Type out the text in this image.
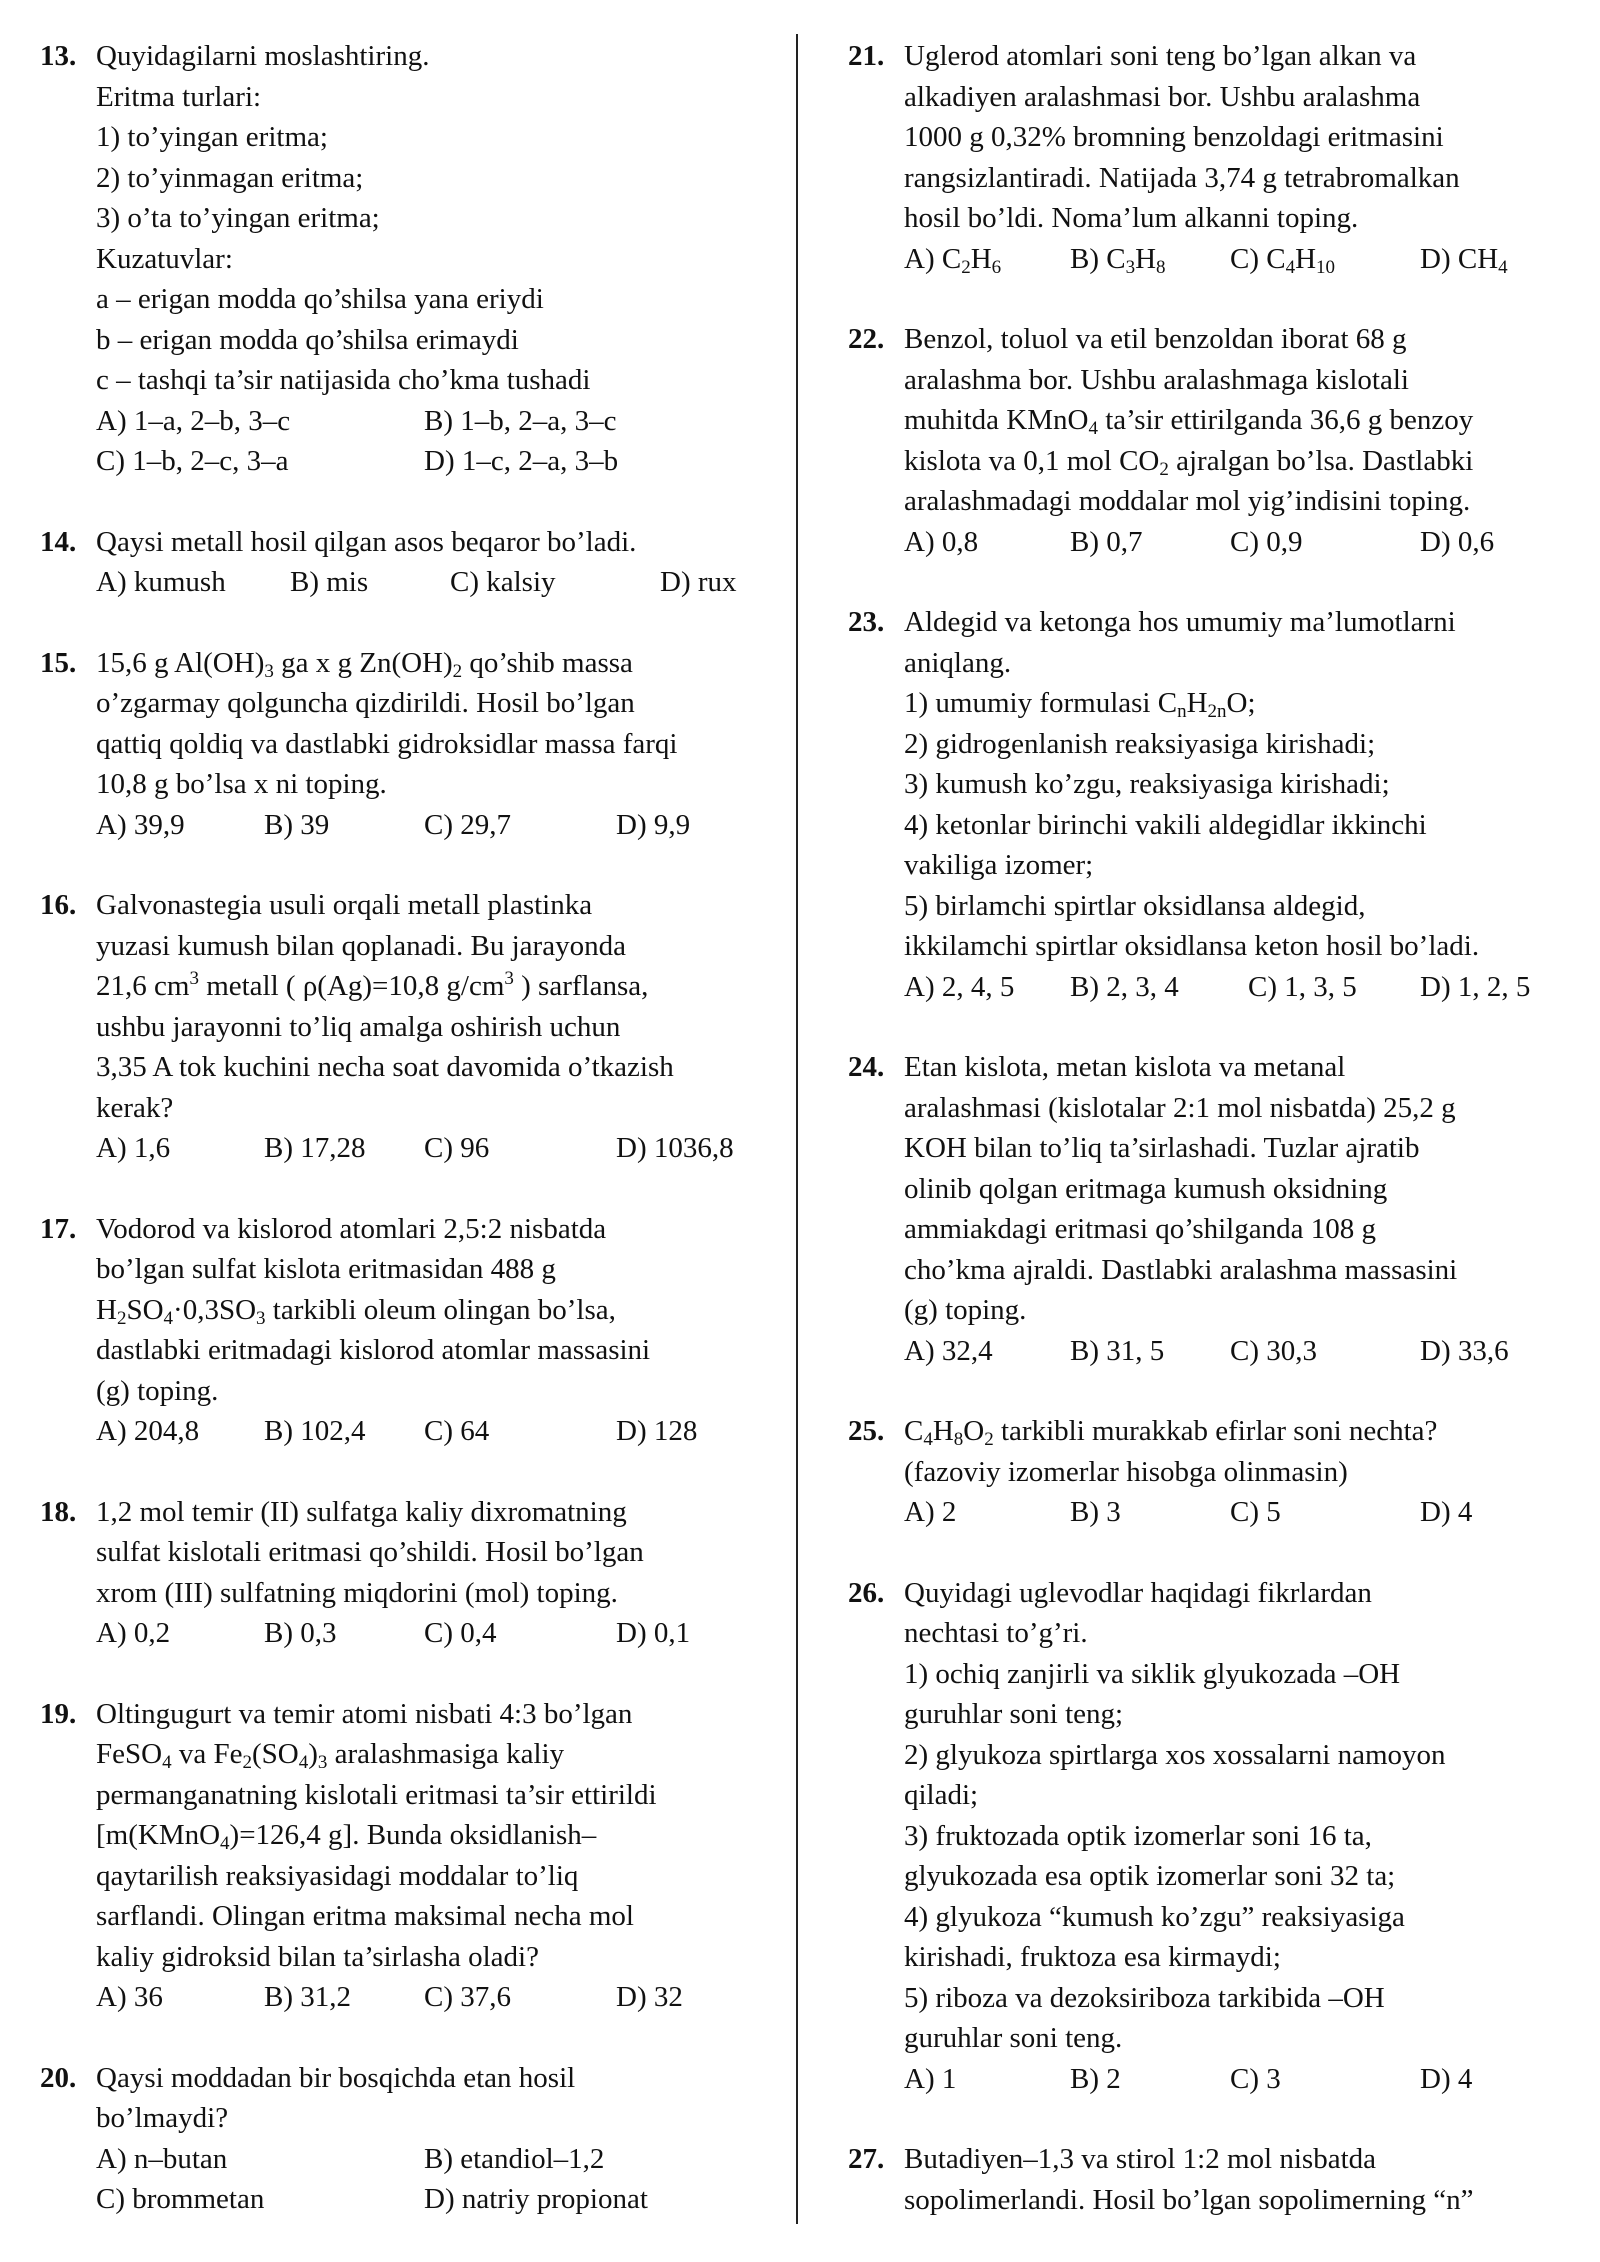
13. Quyidagilarni moslashtiring.
Eritma turlari:
1) to’yingan eritma;
2) to’yinmagan eritma;
3) o’ta to’yingan eritma;
Kuzatuvlar:
a – erigan modda qo’shilsa yana eriydi
b – erigan modda qo’shilsa erimaydi
c – tashqi ta’sir natijasida cho’kma tushadi
A) 1–a, 2–b, 3–c	B) 1–b, 2–a, 3–c
C) 1–b, 2–c, 3–a	D) 1–c, 2–a, 3–b
14. Qaysi metall hosil qilgan asos beqaror bo’ladi.
A) kumush	B) mis	C) kalsiy	D) rux
15. 15,6 g $Al(OH)_3$ ga x g $Zn(OH)_2$ qo’shib massa
o’zgarmay qolguncha qizdirildi. Hosil bo’lgan
qattiq qoldiq va dastlabki gidroksidlar massa farqi
10,8 g bo’lsa x ni toping.
A) 39,9	B) 39	C) 29,7	D) 9,9
16. Galvonastegia usuli orqali metall plastinka
yuzasi kumush bilan qoplanadi. Bu jarayonda
21,6 $cm^3$ metall ( ρ(Ag)=10,8 $g/cm^3$ ) sarflansa,
ushbu jarayonni to’liq amalga oshirish uchun
3,35 A tok kuchini necha soat davomida o’tkazish
kerak?
A) 1,6	B) 17,28	C) 96	D) 1036,8
17. Vodorod va kislorod atomlari 2,5:2 nisbatda
bo’lgan sulfat kislota eritmasidan 488 g
$H_2SO_4\cdot 0,3SO_3$ tarkibli oleum olingan bo’lsa,
dastlabki eritmadagi kislorod atomlar massasini
(g) toping.
A) 204,8	B) 102,4	C) 64	D) 128
18. 1,2 mol temir (II) sulfatga kaliy dixromatning
sulfat kislotali eritmasi qo’shildi. Hosil bo’lgan
xrom (III) sulfatning miqdorini (mol) toping.
A) 0,2	B) 0,3	C) 0,4	D) 0,1
19. Oltingugurt va temir atomi nisbati 4:3 bo’lgan
FeSO$_4$ va $Fe_2(SO_4)_3$ aralashmasiga kaliy
permanganatning kislotali eritmasi ta’sir ettirildi
[m(KMnO$_4$)=126,4 g]. Bunda oksidlanish–
qaytarilish reaksiyasidagi moddalar to’liq
sarflandi. Olingan eritma maksimal necha mol
kaliy gidroksid bilan ta’sirlasha oladi?
A) 36	B) 31,2	C) 37,6	D) 32
20. Qaysi moddadan bir bosqichda etan hosil
bo’lmaydi?
A) n–butan	B) etandiol–1,2
C) brommetan	D) natriy propionat
21. Uglerod atomlari soni teng bo’lgan alkan va
alkadiyen aralashmasi bor. Ushbu aralashma
1000 g 0,32% bromning benzoldagi eritmasini
rangsizlantiradi. Natijada 3,74 g tetrabromalkan
hosil bo’ldi. Noma’lum alkanni toping.
A) $C_2H_6$	B) $C_3H_8$	C) $C_4H_{10}$	D) $CH_4$
22. Benzol, toluol va etil benzoldan iborat 68 g
aralashma bor. Ushbu aralashmaga kislotali
muhitda KMnO$_4$ ta’sir ettirilganda 36,6 g benzoy
kislota va 0,1 mol $CO_2$ ajralgan bo’lsa. Dastlabki
aralashmadagi moddalar mol yig’indisini toping.
A) 0,8	B) 0,7	C) 0,9	D) 0,6
23. Aldegid va ketonga hos umumiy ma’lumotlarni
aniqlang.
1) umumiy formulasi $C_nH_{2n}O$;
2) gidrogenlanish reaksiyasiga kirishadi;
3) kumush ko’zgu, reaksiyasiga kirishadi;
4) ketonlar birinchi vakili aldegidlar ikkinchi
vakiliga izomer;
5) birlamchi spirtlar oksidlansa aldegid,
ikkilamchi spirtlar oksidlansa keton hosil bo’ladi.
A) 2, 4, 5	B) 2, 3, 4	C) 1, 3, 5	D) 1, 2, 5
24. Etan kislota, metan kislota va metanal
aralashmasi (kislotalar 2:1 mol nisbatda) 25,2 g
KOH bilan to’liq ta’sirlashadi. Tuzlar ajratib
olinib qolgan eritmaga kumush oksidning
ammiakdagi eritmasi qo’shilganda 108 g
cho’kma ajraldi. Dastlabki aralashma massasini
(g) toping.
A) 32,4	B) 31, 5	C) 30,3	D) 33,6
25. $C_4H_8O_2$ tarkibli murakkab efirlar soni nechta?
(fazoviy izomerlar hisobga olinmasin)
A) 2	B) 3	C) 5	D) 4
26. Quyidagi uglevodlar haqidagi fikrlardan
nechtasi to’g’ri.
1) ochiq zanjirli va siklik glyukozada –OH
guruhlar soni teng;
2) glyukoza spirtlarga xos xossalarni namoyon
qiladi;
3) fruktozada optik izomerlar soni 16 ta,
glyukozada esa optik izomerlar soni 32 ta;
4) glyukoza “kumush ko’zgu” reaksiyasiga
kirishadi, fruktoza esa kirmaydi;
5) riboza va dezoksiriboza tarkibida –OH
guruhlar soni teng.
A) 1	B) 2	C) 3	D) 4
27. Butadiyen–1,3 va stirol 1:2 mol nisbatda
sopolimerlandi. Hosil bo’lgan sopolimerning “n”
